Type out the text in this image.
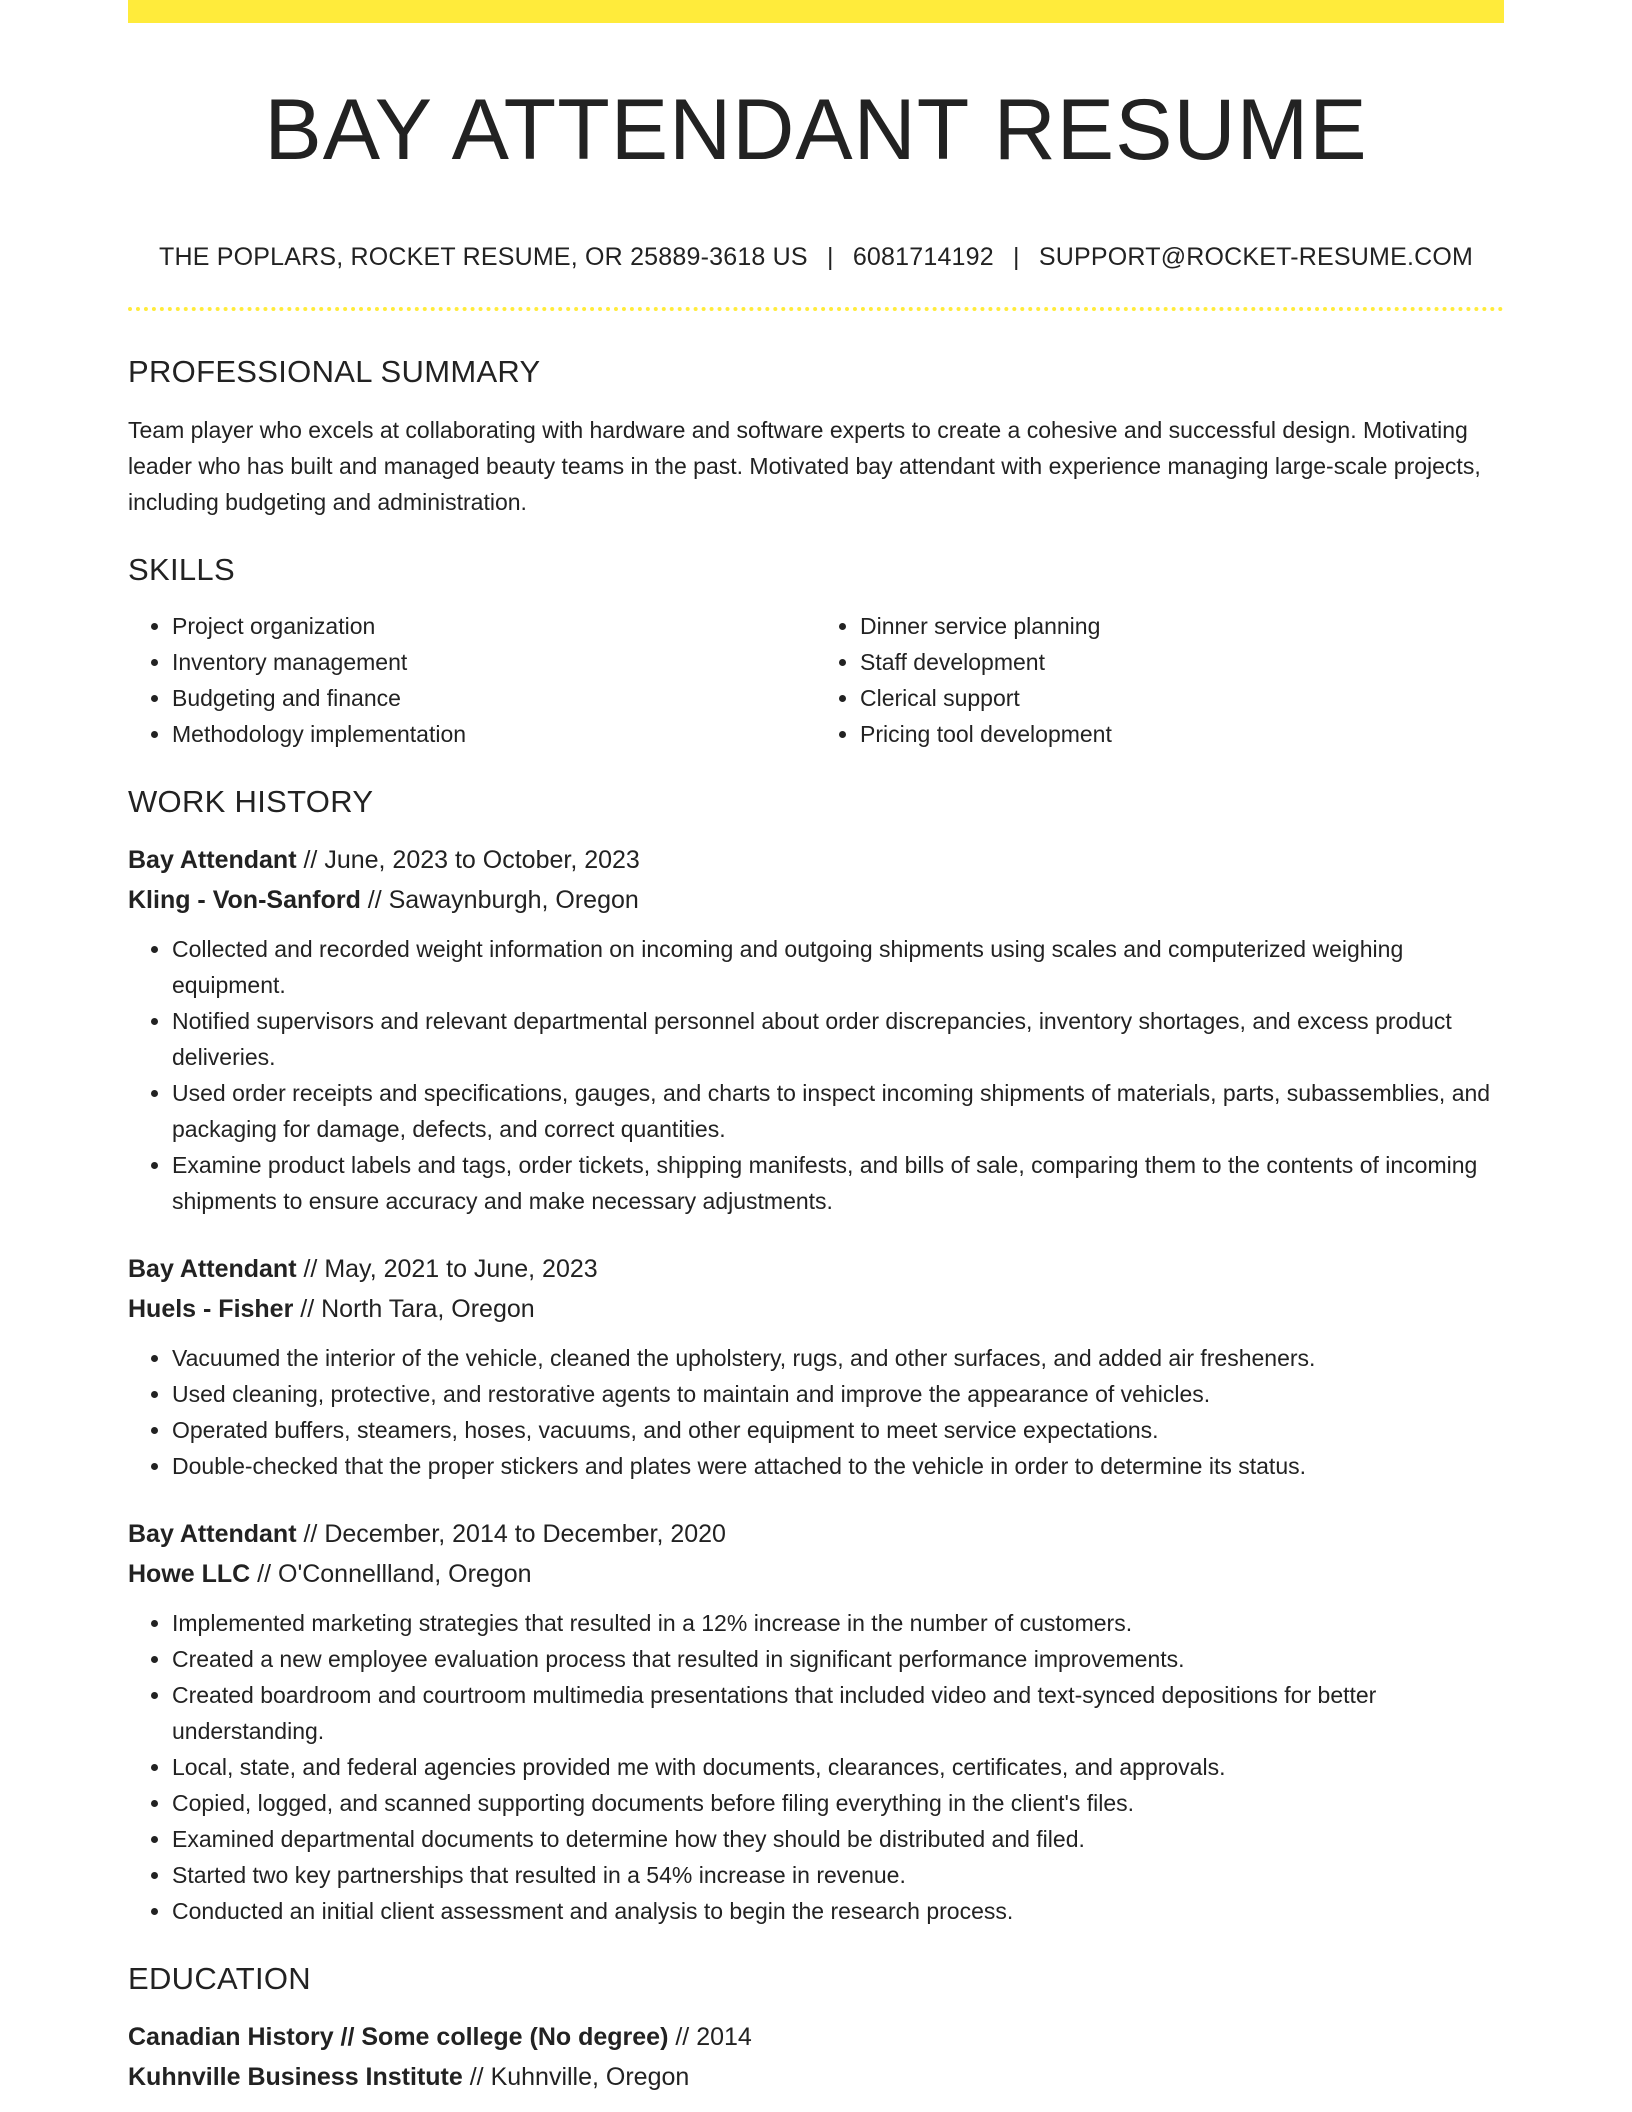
BAY ATTENDANT RESUME
THE POPLARS, ROCKET RESUME, OR 25889-3618 US | 6081714192 | SUPPORT@ROCKET-RESUME.COM
PROFESSIONAL SUMMARY

Team player who excels at collaborating with hardware and software experts to create a cohesive and successful design. Motivating leader who has built and managed beauty teams in the past. Motivated bay attendant with experience managing large-scale projects, including budgeting and administration.

SKILLS
• Project organization
• Inventory management
• Budgeting and finance
• Methodology implementation
• Dinner service planning
• Staff development
• Clerical support
• Pricing tool development
WORK HISTORY
Bay Attendant // June, 2023 to October, 2023
Kling - Von-Sanford // Sawaynburgh, Oregon
• Collected and recorded weight information on incoming and outgoing shipments using scales and computerized weighing equipment.
• Notified supervisors and relevant departmental personnel about order discrepancies, inventory shortages, and excess product deliveries.
• Used order receipts and specifications, gauges, and charts to inspect incoming shipments of materials, parts, subassemblies, and packaging for damage, defects, and correct quantities.
• Examine product labels and tags, order tickets, shipping manifests, and bills of sale, comparing them to the contents of incoming shipments to ensure accuracy and make necessary adjustments.
Bay Attendant // May, 2021 to June, 2023
Huels - Fisher // North Tara, Oregon
• Vacuumed the interior of the vehicle, cleaned the upholstery, rugs, and other surfaces, and added air fresheners.
• Used cleaning, protective, and restorative agents to maintain and improve the appearance of vehicles.
• Operated buffers, steamers, hoses, vacuums, and other equipment to meet service expectations.
• Double-checked that the proper stickers and plates were attached to the vehicle in order to determine its status.
Bay Attendant // December, 2014 to December, 2020
Howe LLC // O'Connellland, Oregon
• Implemented marketing strategies that resulted in a 12% increase in the number of customers.
• Created a new employee evaluation process that resulted in significant performance improvements.
• Created boardroom and courtroom multimedia presentations that included video and text-synced depositions for better understanding.
• Local, state, and federal agencies provided me with documents, clearances, certificates, and approvals.
• Copied, logged, and scanned supporting documents before filing everything in the client's files.
• Examined departmental documents to determine how they should be distributed and filed.
• Started two key partnerships that resulted in a 54% increase in revenue.
• Conducted an initial client assessment and analysis to begin the research process.
EDUCATION
Canadian History // Some college (No degree) // 2014
Kuhnville Business Institute // Kuhnville, Oregon
